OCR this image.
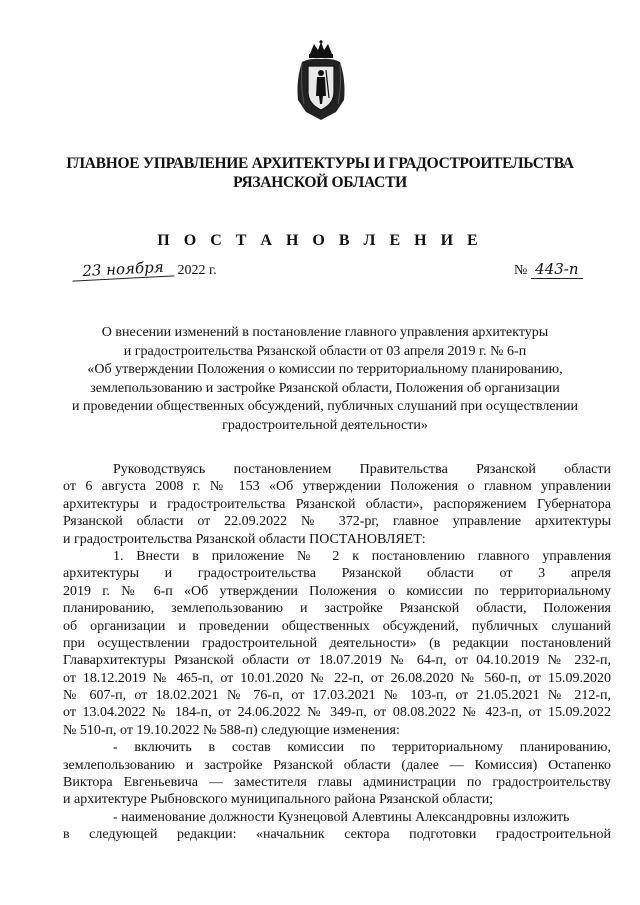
ГЛАВНОЕ УПРАВЛЕНИЕ АРХИТЕКТУРЫ И ГРАДОСТРОИТЕЛЬСТВА
РЯЗАНСКОЙ ОБЛАСТИ
П О С Т А Н О В Л Е Н И Е
23 ноября 2022 г.	№ 443-п
О внесении изменений в постановление главного управления архитектуры
и градостроительства Рязанской области от 03 апреля 2019 г. № 6-п
«Об утверждении Положения о комиссии по территориальному планированию,
землепользованию и застройке Рязанской области, Положения об организации
и проведении общественных обсуждений, публичных слушаний при осуществлении
градостроительной деятельности»
Руководствуясь постановлением Правительства Рязанской области
от 6 августа 2008 г. № 153 «Об утверждении Положения о главном управлении
архитектуры и градостроительства Рязанской области», распоряжением Губернатора
Рязанской области от 22.09.2022 № 372-рг, главное управление архитектуры
и градостроительства Рязанской области ПОСТАНОВЛЯЕТ:
1. Внести в приложение № 2 к постановлению главного управления
архитектуры и градостроительства Рязанской области от 3 апреля
2019 г. № 6-п «Об утверждении Положения о комиссии по территориальному
планированию, землепользованию и застройке Рязанской области, Положения
об организации и проведении общественных обсуждений, публичных слушаний
при осуществлении градостроительной деятельности» (в редакции постановлений
Главархитектуры Рязанской области от 18.07.2019 № 64-п, от 04.10.2019 № 232-п,
от 18.12.2019 № 465-п, от 10.01.2020 № 22-п, от 26.08.2020 № 560-п, от 15.09.2020
№ 607-п, от 18.02.2021 № 76-п, от 17.03.2021 № 103-п, от 21.05.2021 № 212-п,
от 13.04.2022 № 184-п, от 24.06.2022 № 349-п, от 08.08.2022 № 423-п, от 15.09.2022
№ 510-п, от 19.10.2022 № 588-п) следующие изменения:
- включить в состав комиссии по территориальному планированию,
землепользованию и застройке Рязанской области (далее — Комиссия) Остапенко
Виктора Евгеньевича — заместителя главы администрации по градостроительству
и архитектуре Рыбновского муниципального района Рязанской области;
- наименование должности Кузнецовой Алевтины Александровны изложить
в следующей редакции: «начальник сектора подготовки градостроительной
